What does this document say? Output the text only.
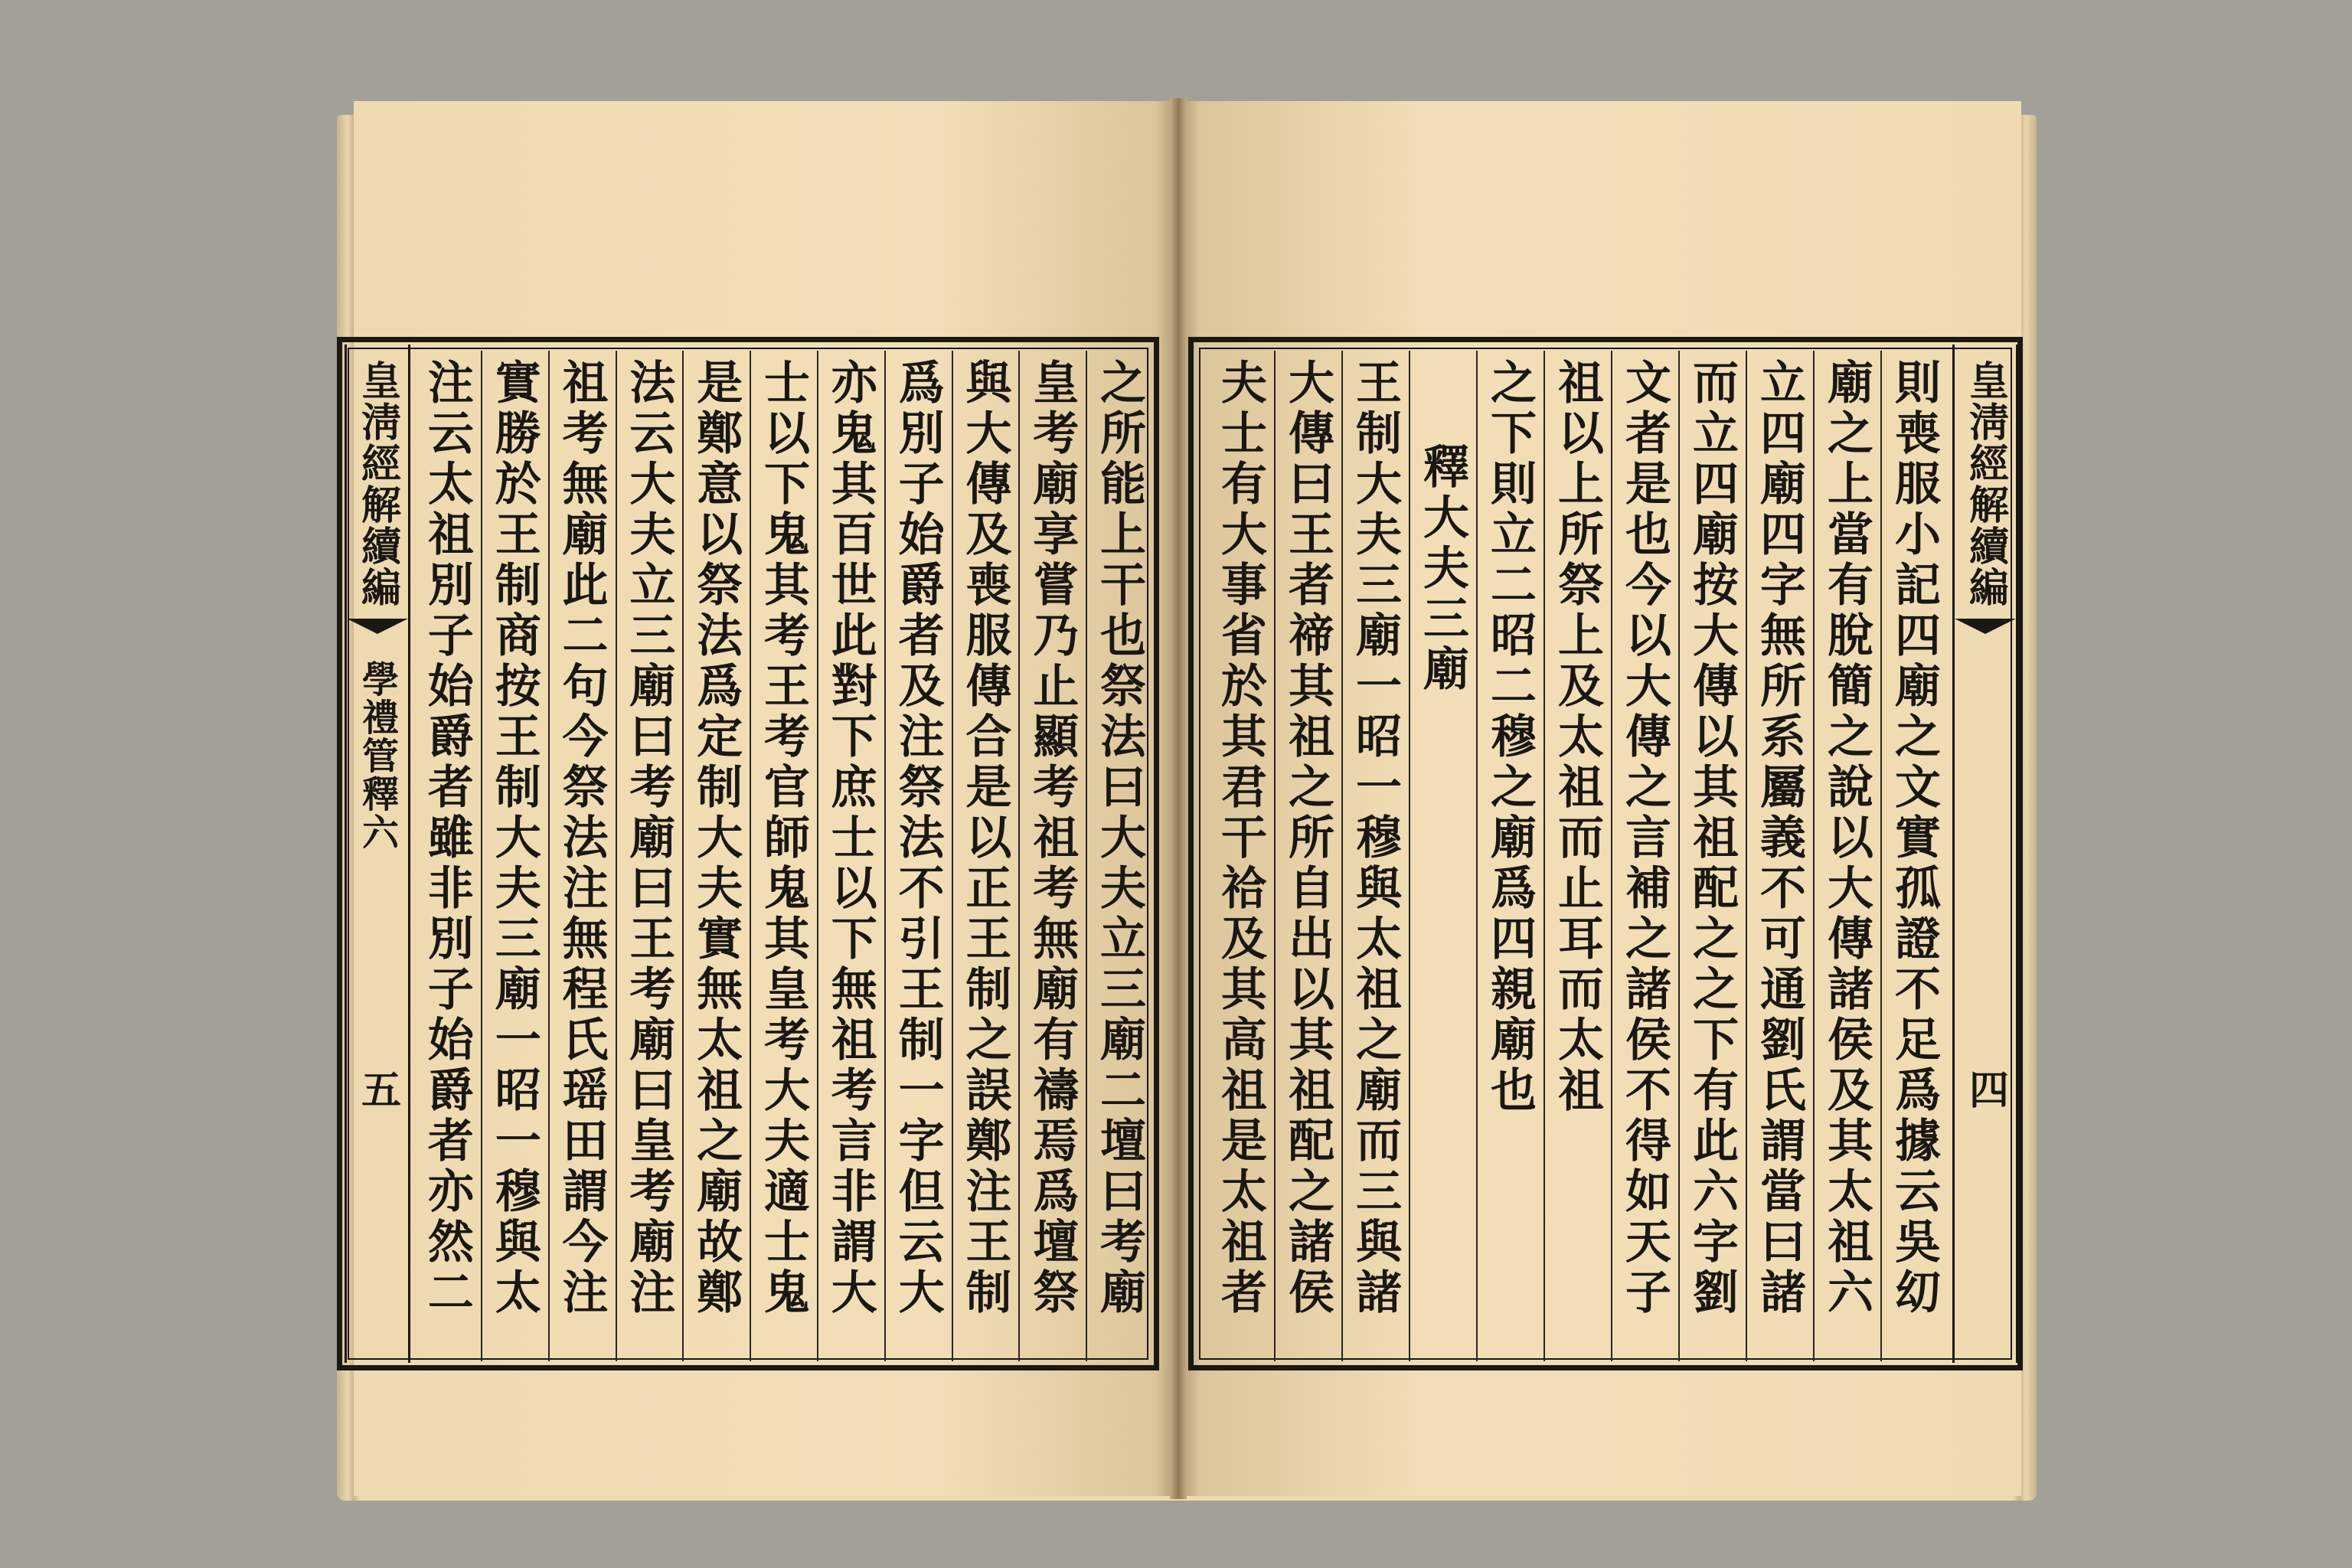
皇淸經解續編
學禮管釋六
五
之所能上干也祭法曰大夫立三廟二壇曰考廟
皇考廟享嘗乃止顯考祖考無廟有禱焉爲壇祭
與大傳及喪服傳合是以正王制之誤鄭注王制
爲別子始爵者及注祭法不引王制一字但云大
亦鬼其百世此對下庶士以下無祖考言非謂大
士以下鬼其考王考官師鬼其皇考大夫適士鬼
是鄭意以祭法爲定制大夫實無太祖之廟故鄭
法云大夫立三廟曰考廟曰王考廟曰皇考廟注
祖考無廟此二句今祭法注無程氏瑶田謂今注
實勝於王制商按王制大夫三廟一昭一穆與太
注云太祖別子始爵者雖非別子始爵者亦然二
皇淸經解續編
四
則喪服小記四廟之文實孤證不足爲據云吳㓜
廟之上當有脫簡之說以大傳諸侯及其太祖六
立四廟四字無所系屬義不可通劉氏謂當曰諸
而立四廟按大傳以其祖配之之下有此六字劉
文者是也今以大傳之言補之諸侯不得如天子
祖以上所祭上及太祖而止耳而太祖
之下則立二昭二穆之廟爲四親廟也
釋大夫三廟
王制大夫三廟一昭一穆與太祖之廟而三與諸
大傳曰王者禘其祖之所自出以其祖配之諸侯
夫士有大事省於其君干祫及其高祖是太祖者
